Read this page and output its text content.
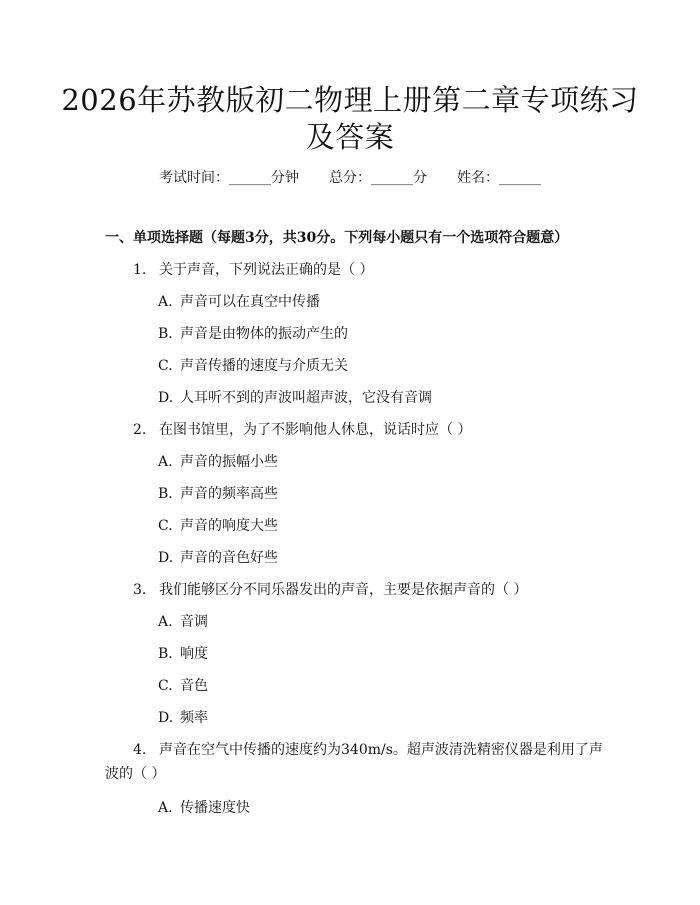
2026年苏教版初二物理上册第二章专项练习
及答案
考试时间：______分钟 总分：______分 姓名：______
一、单项选择题（每题3分，共30分。下列每小题只有一个选项符合题意）
1. 关于声音，下列说法正确的是（ ）
A. 声音可以在真空中传播
B. 声音是由物体的振动产生的
C. 声音传播的速度与介质无关
D. 人耳听不到的声波叫超声波，它没有音调
2. 在图书馆里，为了不影响他人休息，说话时应（ ）
A. 声音的振幅小些
B. 声音的频率高些
C. 声音的响度大些
D. 声音的音色好些
3. 我们能够区分不同乐器发出的声音，主要是依据声音的（ ）
A. 音调
B. 响度
C. 音色
D. 频率
4. 声音在空气中传播的速度约为340m/s。超声波清洗精密仪器是利用了声波的（ ）
A. 传播速度快
